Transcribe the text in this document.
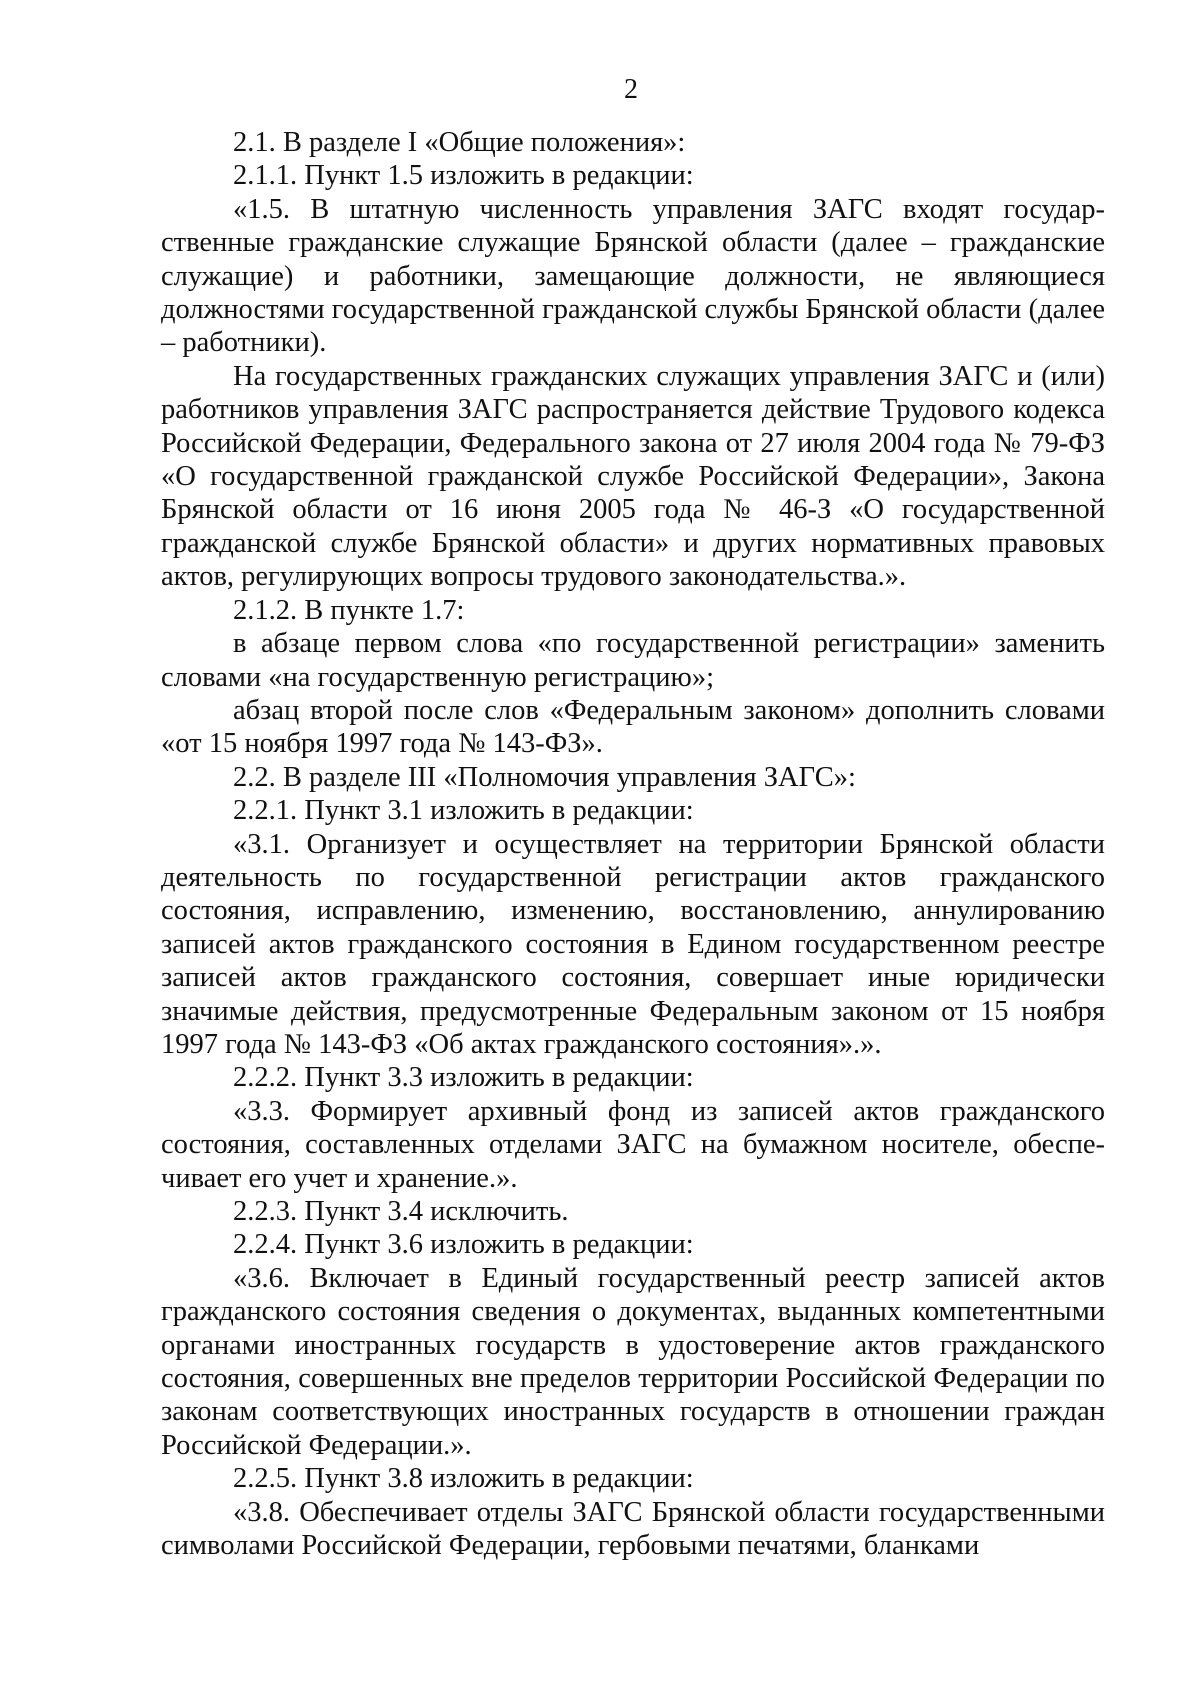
2

2.1. В разделе I «Общие положения»:

2.1.1. Пункт 1.5 изложить в редакции:

«1.5. В штатную численность управления ЗАГС входят государственные гражданские служащие Брянской области (далее – гражданские служащие) и работники, замещающие должности, не являющиеся должностями государственной гражданской службы Брянской области (далее – работники).

На государственных гражданских служащих управления ЗАГС и (или) работников управления ЗАГС распространяется действие Трудового кодекса Российской Федерации, Федерального закона от 27 июля 2004 года № 79-ФЗ «О государственной гражданской службе Российской Федерации», Закона Брянской области от 16 июня 2005 года № 46-З «О государственной гражданской службе Брянской области» и других нормативных правовых актов, регулирующих вопросы трудового законодательства.».

2.1.2. В пункте 1.7:

в абзаце первом слова «по государственной регистрации» заменить словами «на государственную регистрацию»;

абзац второй после слов «Федеральным законом» дополнить словами «от 15 ноября 1997 года № 143-ФЗ».

2.2. В разделе III «Полномочия управления ЗАГС»:

2.2.1. Пункт 3.1 изложить в редакции:

«3.1. Организует и осуществляет на территории Брянской области деятельность по государственной регистрации актов гражданского состояния, исправлению, изменению, восстановлению, аннулированию записей актов гражданского состояния в Едином государственном реестре записей актов гражданского состояния, совершает иные юридически значимые действия, предусмотренные Федеральным законом от 15 ноября 1997 года № 143-ФЗ «Об актах гражданского состояния».».

2.2.2. Пункт 3.3 изложить в редакции:

«3.3. Формирует архивный фонд из записей актов гражданского состояния, составленных отделами ЗАГС на бумажном носителе, обеспечивает его учет и хранение.».

2.2.3. Пункт 3.4 исключить.

2.2.4. Пункт 3.6 изложить в редакции:

«3.6. Включает в Единый государственный реестр записей актов гражданского состояния сведения о документах, выданных компетентными органами иностранных государств в удостоверение актов гражданского состояния, совершенных вне пределов территории Российской Федерации по законам соответствующих иностранных государств в отношении граждан Российской Федерации.».

2.2.5. Пункт 3.8 изложить в редакции:

«3.8. Обеспечивает отделы ЗАГС Брянской области государственными символами Российской Федерации, гербовыми печатями, бланками
